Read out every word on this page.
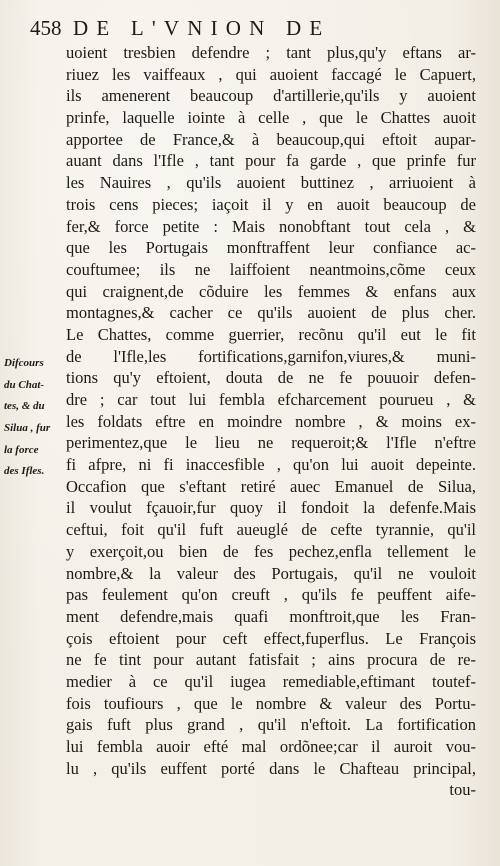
458 DE L'VNION DE
Difcours
du Chat-
tes, & du
Silua , fur
la force
des Ifles.
uoient tresbien defendre ; tant plus,qu'y eftans ar-
riuez les vaiffeaux , qui auoient faccagé le Capuert,
ils amenerent beaucoup d'artillerie,qu'ils y auoient
prinfe, laquelle iointe à celle , que le Chattes auoit
apportee de France,& à beaucoup,qui eftoit aupar-
auant dans l'Ifle , tant pour fa garde , que prinfe fur
les Nauires , qu'ils auoient buttinez , arriuoient à
trois cens pieces; iaçoit il y en auoit beaucoup de
fer,& force petite : Mais nonobftant tout cela , &
que les Portugais monftraffent leur confiance ac-
couftumee; ils ne laiffoient neantmoins,cõme ceux
qui craignent,de cõduire les femmes & enfans aux
montagnes,& cacher ce qu'ils auoient de plus cher.
Le Chattes, comme guerrier, recõnu qu'il eut le fit
de l'Ifle,les fortifications,garnifon,viures,& muni-
tions qu'y eftoient, douta de ne fe pouuoir defen-
dre ; car tout lui fembla efcharcement pourueu , &
les foldats eftre en moindre nombre , & moins ex-
perimentez,que le lieu ne requeroit;& l'Ifle n'eftre
fi afpre, ni fi inaccesfible , qu'on lui auoit depeinte.
Occafion que s'eftant retiré auec Emanuel de Silua,
il voulut fçauoir,fur quoy il fondoit la defenfe.Mais
ceftui, foit qu'il fuft aueuglé de cefte tyrannie, qu'il
y exerçoit,ou bien de fes pechez,enfla tellement le
nombre,& la valeur des Portugais, qu'il ne vouloit
pas feulement qu'on creuft , qu'ils fe peuffent aife-
ment defendre,mais quafi monftroit,que les Fran-
çois eftoient pour ceft effect,fuperflus. Le François
ne fe tint pour autant fatisfait ; ains procura de re-
medier à ce qu'il iugea remediable,eftimant toutef-
fois toufiours , que le nombre & valeur des Portu-
gais fuft plus grand , qu'il n'eftoit. La fortification
lui fembla auoir efté mal ordõnee;car il auroit vou-
lu , qu'ils euffent porté dans le Chafteau principal,
tou-
